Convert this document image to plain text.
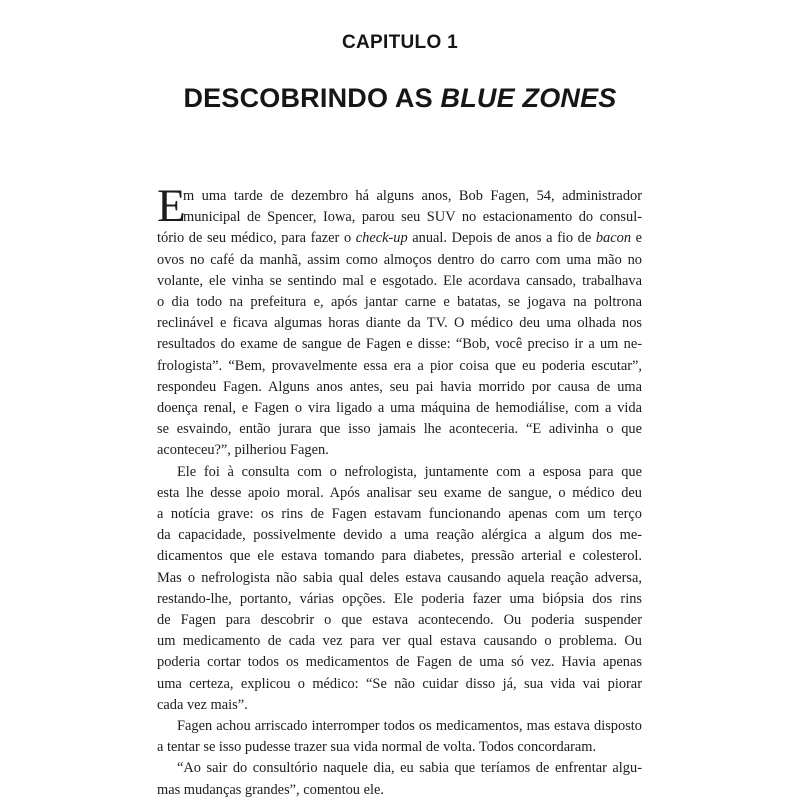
CAPITULO 1
DESCOBRINDO AS BLUE ZONES
E
m uma tarde de dezembro há alguns anos, Bob Fagen, 54, administrador
municipal de Spencer, Iowa, parou seu SUV no estacionamento do consul-
tório de seu médico, para fazer o check-up anual. Depois de anos a fio de bacon e
ovos no café da manhã, assim como almoços dentro do carro com uma mão no
volante, ele vinha se sentindo mal e esgotado. Ele acordava cansado, trabalhava
o dia todo na prefeitura e, após jantar carne e batatas, se jogava na poltrona
reclinável e ficava algumas horas diante da TV. O médico deu uma olhada nos
resultados do exame de sangue de Fagen e disse: “Bob, você preciso ir a um ne-
frologista”. “Bem, provavelmente essa era a pior coisa que eu poderia escutar”,
respondeu Fagen. Alguns anos antes, seu pai havia morrido por causa de uma
doença renal, e Fagen o vira ligado a uma máquina de hemodiálise, com a vida
se esvaindo, então jurara que isso jamais lhe aconteceria. “E adivinha o que
aconteceu?”, pilheriou Fagen.
Ele foi à consulta com o nefrologista, juntamente com a esposa para que
esta lhe desse apoio moral. Após analisar seu exame de sangue, o médico deu
a notícia grave: os rins de Fagen estavam funcionando apenas com um terço
da capacidade, possivelmente devido a uma reação alérgica a algum dos me-
dicamentos que ele estava tomando para diabetes, pressão arterial e colesterol.
Mas o nefrologista não sabia qual deles estava causando aquela reação adversa,
restando-lhe, portanto, várias opções. Ele poderia fazer uma biópsia dos rins
de Fagen para descobrir o que estava acontecendo. Ou poderia suspender
um medicamento de cada vez para ver qual estava causando o problema. Ou
poderia cortar todos os medicamentos de Fagen de uma só vez. Havia apenas
uma certeza, explicou o médico: “Se não cuidar disso já, sua vida vai piorar
cada vez mais”.
Fagen achou arriscado interromper todos os medicamentos, mas estava disposto
a tentar se isso pudesse trazer sua vida normal de volta. Todos concordaram.
“Ao sair do consultório naquele dia, eu sabia que teríamos de enfrentar algu-
mas mudanças grandes”, comentou ele.
